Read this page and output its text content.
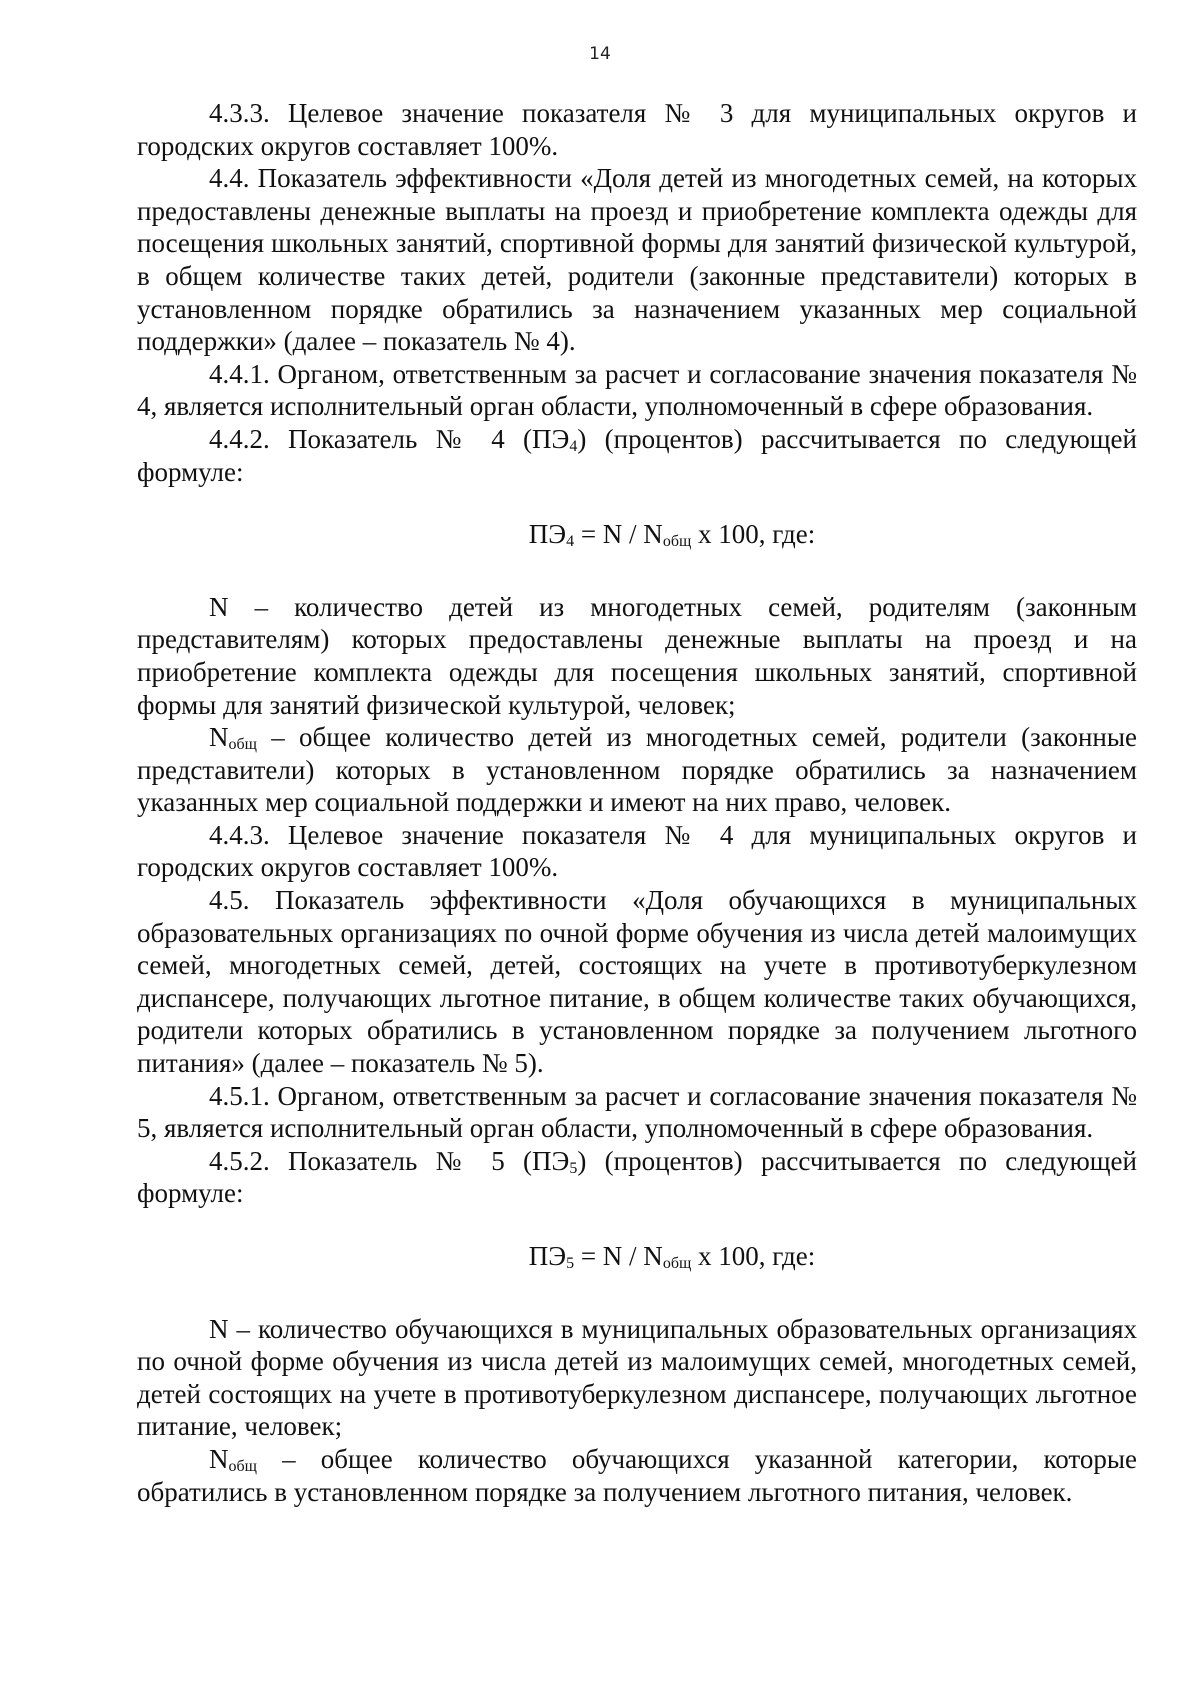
14

4.3.3. Целевое значение показателя № 3 для муниципальных округов и городских округов составляет 100%.

4.4. Показатель эффективности «Доля детей из многодетных семей, на которых предоставлены денежные выплаты на проезд и приобретение комплекта одежды для посещения школьных занятий, спортивной формы для занятий физической культурой, в общем количестве таких детей, родители (законные представители) которых в установленном порядке обратились за назначением указанных мер социальной поддержки» (далее – показатель № 4).

4.4.1. Органом, ответственным за расчет и согласование значения показателя № 4, является исполнительный орган области, уполномоченный в сфере образования.

4.4.2. Показатель № 4 $(ПЭ_4)$ (процентов) рассчитывается по следующей формуле:

$ПЭ_4 = N / N_{общ}$ х 100, где:

N – количество детей из многодетных семей, родителям (законным представителям) которых предоставлены денежные выплаты на проезд и на приобретение комплекта одежды для посещения школьных занятий, спортивной формы для занятий физической культурой, человек;

$N_{общ}$ – общее количество детей из многодетных семей, родители (законные представители) которых в установленном порядке обратились за назначением указанных мер социальной поддержки и имеют на них право, человек.

4.4.3. Целевое значение показателя № 4 для муниципальных округов и городских округов составляет 100%.

4.5. Показатель эффективности «Доля обучающихся в муниципальных образовательных организациях по очной форме обучения из числа детей малоимущих семей, многодетных семей, детей, состоящих на учете в противотуберкулезном диспансере, получающих льготное питание, в общем количестве таких обучающихся, родители которых обратились в установленном порядке за получением льготного питания» (далее – показатель № 5).

4.5.1. Органом, ответственным за расчет и согласование значения показателя № 5, является исполнительный орган области, уполномоченный в сфере образования.

4.5.2. Показатель № 5 $(ПЭ_5)$ (процентов) рассчитывается по следующей формуле:

$ПЭ_5 = N / N_{общ}$ х 100, где:

N – количество обучающихся в муниципальных образовательных организациях по очной форме обучения из числа детей из малоимущих семей, многодетных семей, детей состоящих на учете в противотуберкулезном диспансере, получающих льготное питание, человек;

$N_{общ}$ – общее количество обучающихся указанной категории, которые обратились в установленном порядке за получением льготного питания, человек.
